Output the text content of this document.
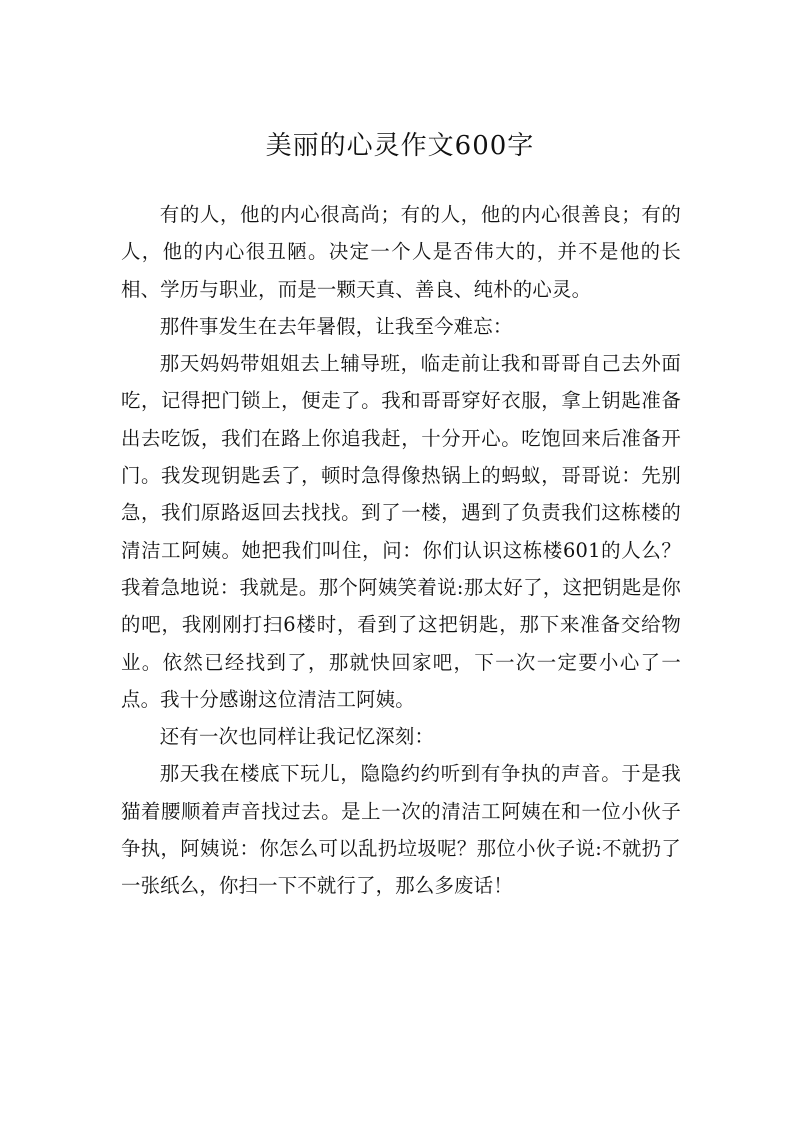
美丽的心灵作文600字

有的人，他的内心很高尚；有的人，他的内心很善良；有的人，他的内心很丑陋。决定一个人是否伟大的，并不是他的长相、学历与职业，而是一颗天真、善良、纯朴的心灵。

那件事发生在去年暑假，让我至今难忘：

那天妈妈带姐姐去上辅导班，临走前让我和哥哥自己去外面吃，记得把门锁上，便走了。我和哥哥穿好衣服，拿上钥匙准备出去吃饭，我们在路上你追我赶，十分开心。吃饱回来后准备开门。我发现钥匙丢了，顿时急得像热锅上的蚂蚁，哥哥说：先别急，我们原路返回去找找。到了一楼，遇到了负责我们这栋楼的清洁工阿姨。她把我们叫住，问：你们认识这栋楼601的人么？我着急地说：我就是。那个阿姨笑着说:那太好了，这把钥匙是你的吧，我刚刚打扫6楼时，看到了这把钥匙，那下来准备交给物业。依然已经找到了，那就快回家吧，下一次一定要小心了一点。我十分感谢这位清洁工阿姨。

还有一次也同样让我记忆深刻：

那天我在楼底下玩儿，隐隐约约听到有争执的声音。于是我猫着腰顺着声音找过去。是上一次的清洁工阿姨在和一位小伙子争执，阿姨说：你怎么可以乱扔垃圾呢？那位小伙子说:不就扔了一张纸么，你扫一下不就行了，那么多废话！
